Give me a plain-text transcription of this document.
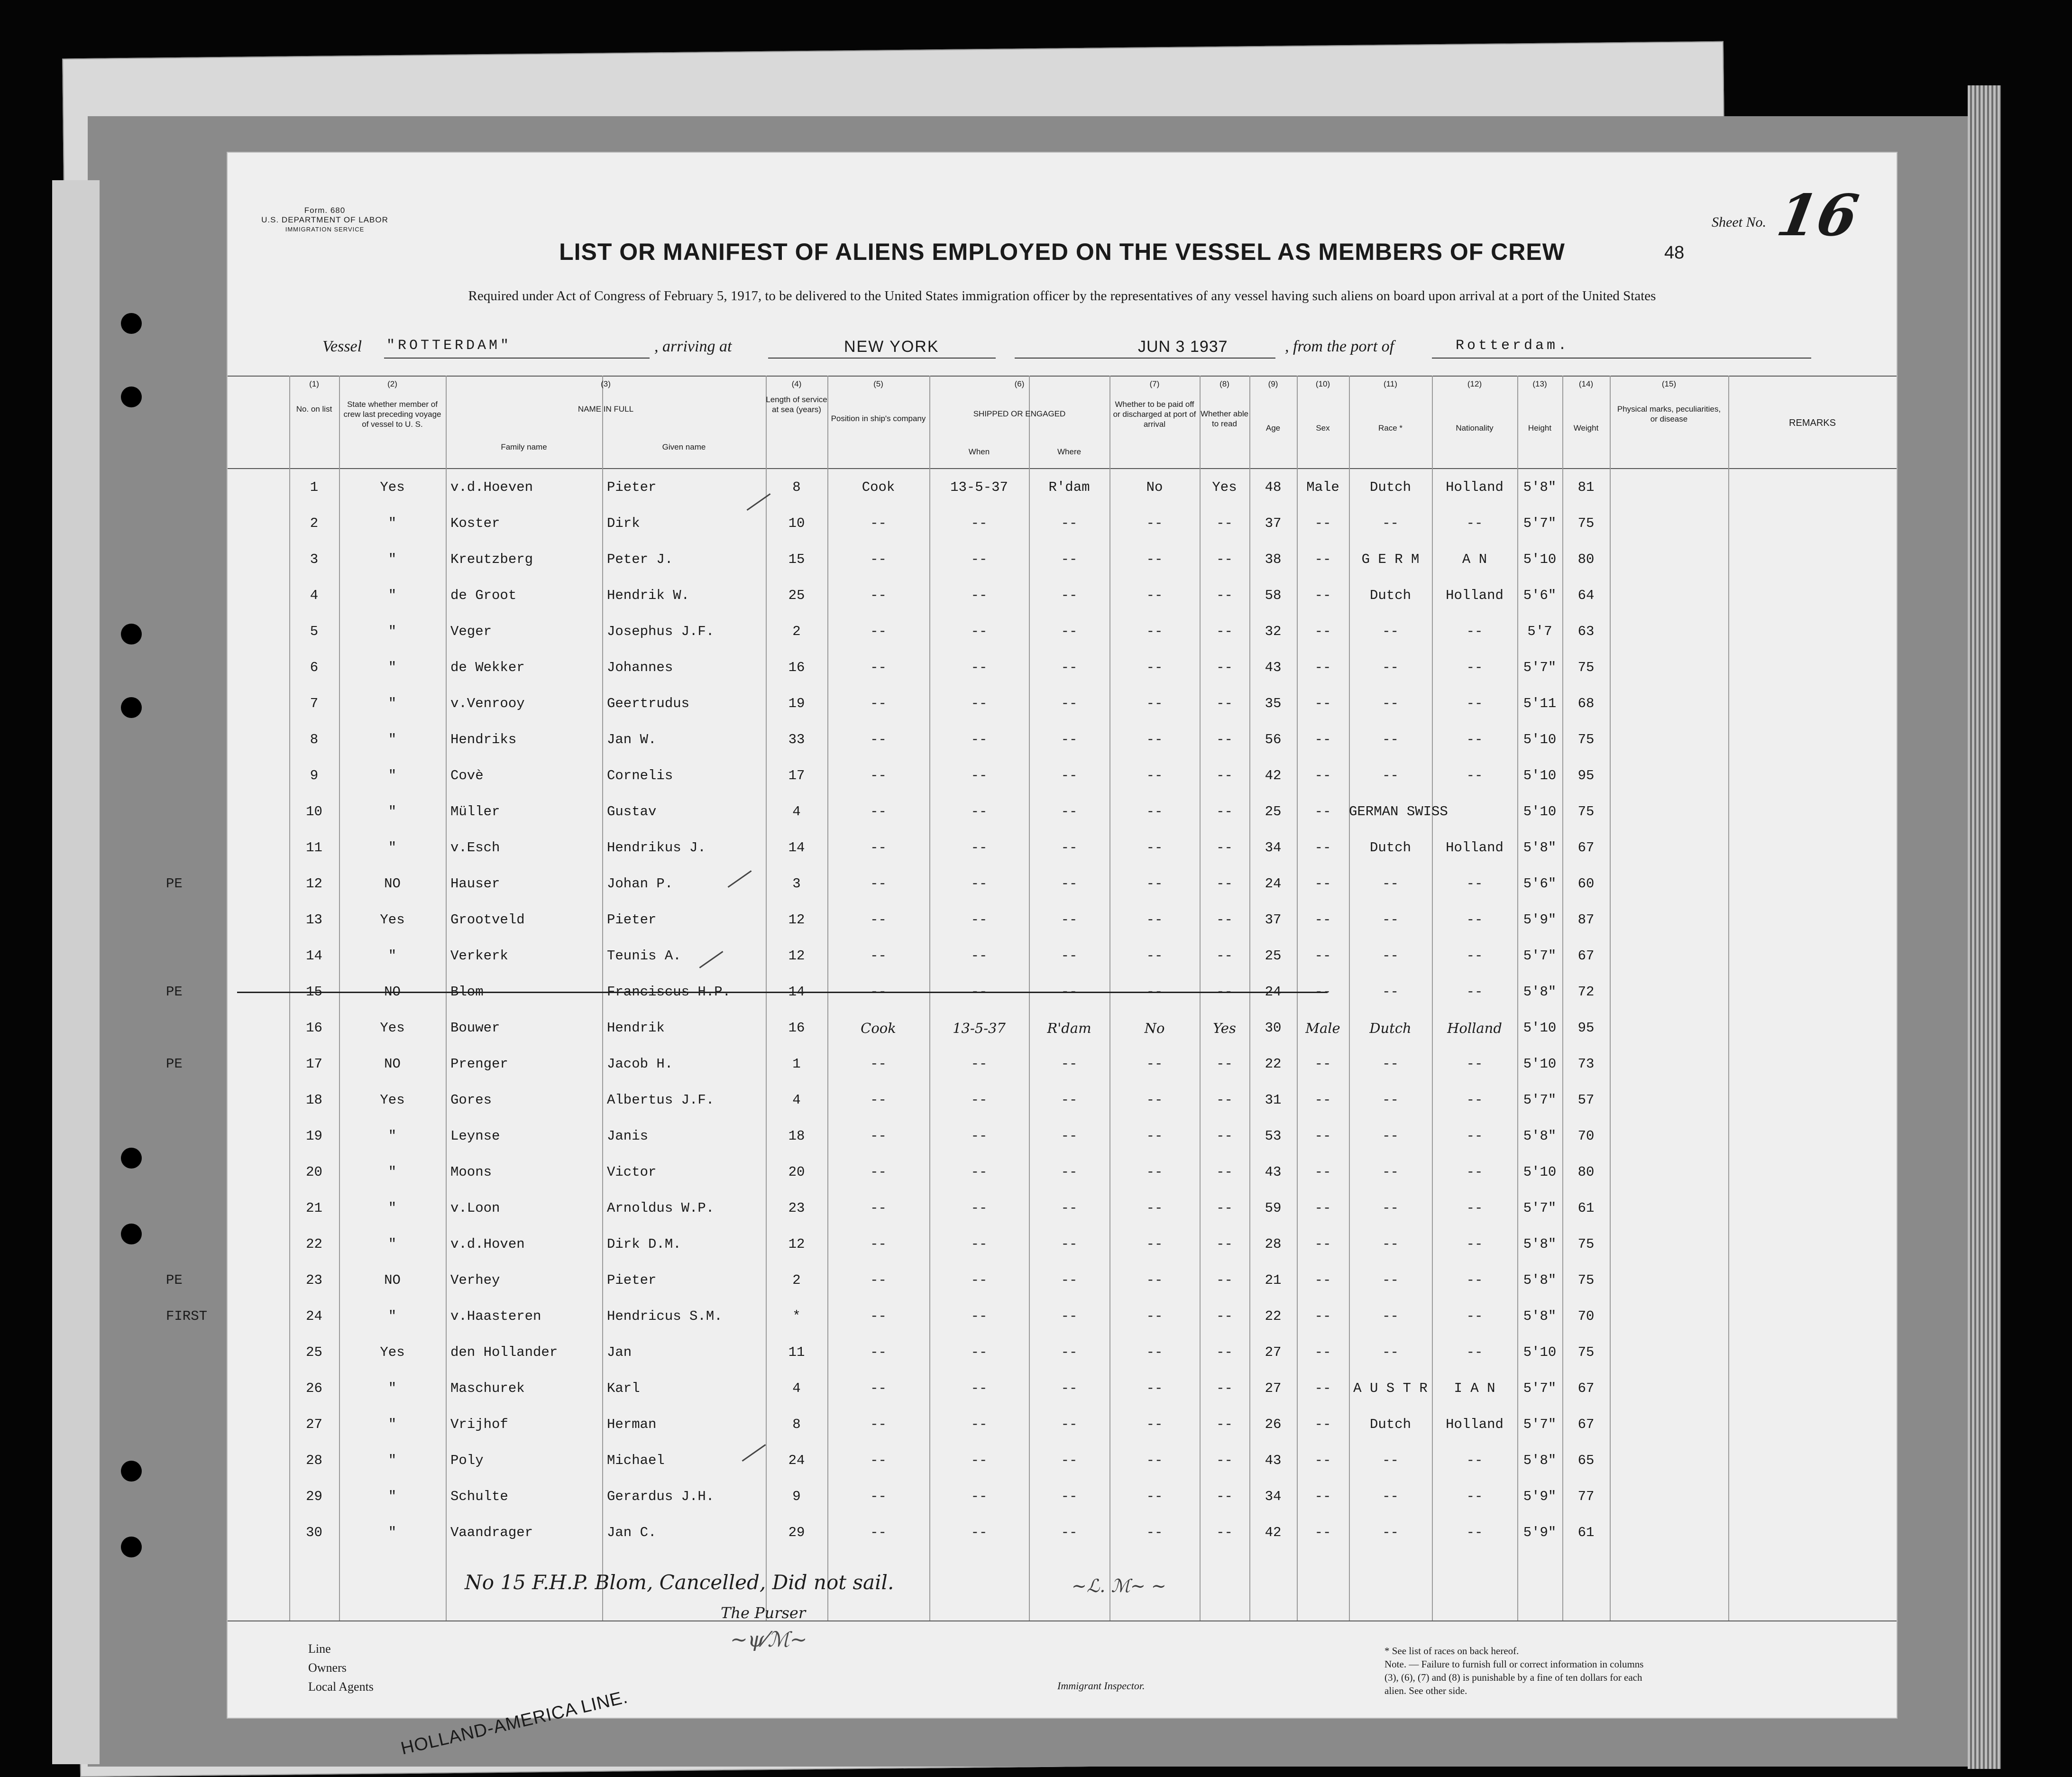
Form. 680
U.S. DEPARTMENT OF LABOR
IMMIGRATION SERVICE
LIST OR MANIFEST OF ALIENS EMPLOYED ON THE VESSEL AS MEMBERS OF CREW	48
Sheet No. 16
Required under Act of Congress of February 5, 1917, to be delivered to the United States immigration officer by the representatives of any vessel having such aliens on board upon arrival at a port of the United States
Vessel "ROTTERDAM"	, arriving at	NEW YORK	JUN 3 1937	, from the port of	Rotterdam.
(1)
No. on list
(2)
State whether member of crew last preceding voyage of vessel to U. S.
(3)
NAME IN FULL
Family name	Given name
(4)
Length of service at sea (years)
(5)
Position in ship's company
(6)
SHIPPED OR ENGAGED
When	Where
(7)
Whether to be paid off or discharged at port of arrival
(8)
Whether able to read
(9)
Age
(10)
Sex
(11)
Race *
(12)
Nationality
(13)
Height
(14)
Weight
(15)
Physical marks, peculiarities, or disease	REMARKS
1	Yes	v.d.Hoeven	Pieter	8	Cook	13-5-37	R'dam	No	Yes	48	Male	Dutch	Holland	5'8"	81
2	"	Koster	Dirk	10	--	--	--	--	--	37	--	--	--	5'7"	75
3	"	Kreutzberg	Peter J.	15	--	--	--	--	--	38	--	G E R M	A N	5'10	80
4	"	de Groot	Hendrik W.	25	--	--	--	--	--	58	--	Dutch	Holland	5'6"	64
5	"	Veger	Josephus J.F.	2	--	--	--	--	--	32	--	--	--	5'7	63
6	"	de Wekker	Johannes	16	--	--	--	--	--	43	--	--	--	5'7"	75
7	"	v.Venrooy	Geertrudus	19	--	--	--	--	--	35	--	--	--	5'11	68
8	"	Hendriks	Jan W.	33	--	--	--	--	--	56	--	--	--	5'10	75
9	"	Covè	Cornelis	17	--	--	--	--	--	42	--	--	--	5'10	95
10	"	Müller	Gustav	4	--	--	--	--	--	25	--	GERMAN SWISS	5'10	75
11	"	v.Esch	Hendrikus J.	14	--	--	--	--	--	34	--	Dutch	Holland	5'8"	67
PE	12	NO	Hauser	Johan P.	3	--	--	--	--	--	24	--	--	--	5'6"	60
13	Yes	Grootveld	Pieter	12	--	--	--	--	--	37	--	--	--	5'9"	87
14	"	Verkerk	Teunis A.	12	--	--	--	--	--	25	--	--	--	5'7"	67
PE	15	NO	Blom	Franciscus H.P.	14	--	--	--	--	--	24	--	--	--	5'8"	72
16	Yes	Bouwer	Hendrik	16	Cook	13-5-37	R'dam	No	Yes	30	Male	Dutch	Holland	5'10	95
PE	17	NO	Prenger	Jacob H.	1	--	--	--	--	--	22	--	--	--	5'10	73
18	Yes	Gores	Albertus J.F.	4	--	--	--	--	--	31	--	--	--	5'7"	57
19	"	Leynse	Janis	18	--	--	--	--	--	53	--	--	--	5'8"	70
20	"	Moons	Victor	20	--	--	--	--	--	43	--	--	--	5'10	80
21	"	v.Loon	Arnoldus W.P.	23	--	--	--	--	--	59	--	--	--	5'7"	61
22	"	v.d.Hoven	Dirk D.M.	12	--	--	--	--	--	28	--	--	--	5'8"	75
PE	23	NO	Verhey	Pieter	2	--	--	--	--	--	21	--	--	--	5'8"	75
FIRST	24	"	v.Haasteren	Hendricus S.M.	*	--	--	--	--	--	22	--	--	--	5'8"	70
25	Yes	den Hollander	Jan	11	--	--	--	--	--	27	--	--	--	5'10	75
26	"	Maschurek	Karl	4	--	--	--	--	--	27	--	A U S T R	I A N	5'7"	67
27	"	Vrijhof	Herman	8	--	--	--	--	--	26	--	Dutch	Holland	5'7"	67
28	"	Poly	Michael	24	--	--	--	--	--	43	--	--	--	5'8"	65
29	"	Schulte	Gerardus J.H.	9	--	--	--	--	--	34	--	--	--	5'9"	77
30	"	Vaandrager	Jan C.	29	--	--	--	--	--	42	--	--	--	5'9"	61
No 15 F.H.P. Blom, Cancelled, Did not sail.
The Purser
~ψ⁄ℳ~
~ℒ. ℳ~ ~
Line
Owners
Local Agents	Immigrant Inspector.
* See list of races on back hereof.
Note. — Failure to furnish full or correct information in columns (3), (6), (7) and (8) is punishable by a fine of ten dollars for each alien. See other side.
HOLLAND-AMERICA LINE.
